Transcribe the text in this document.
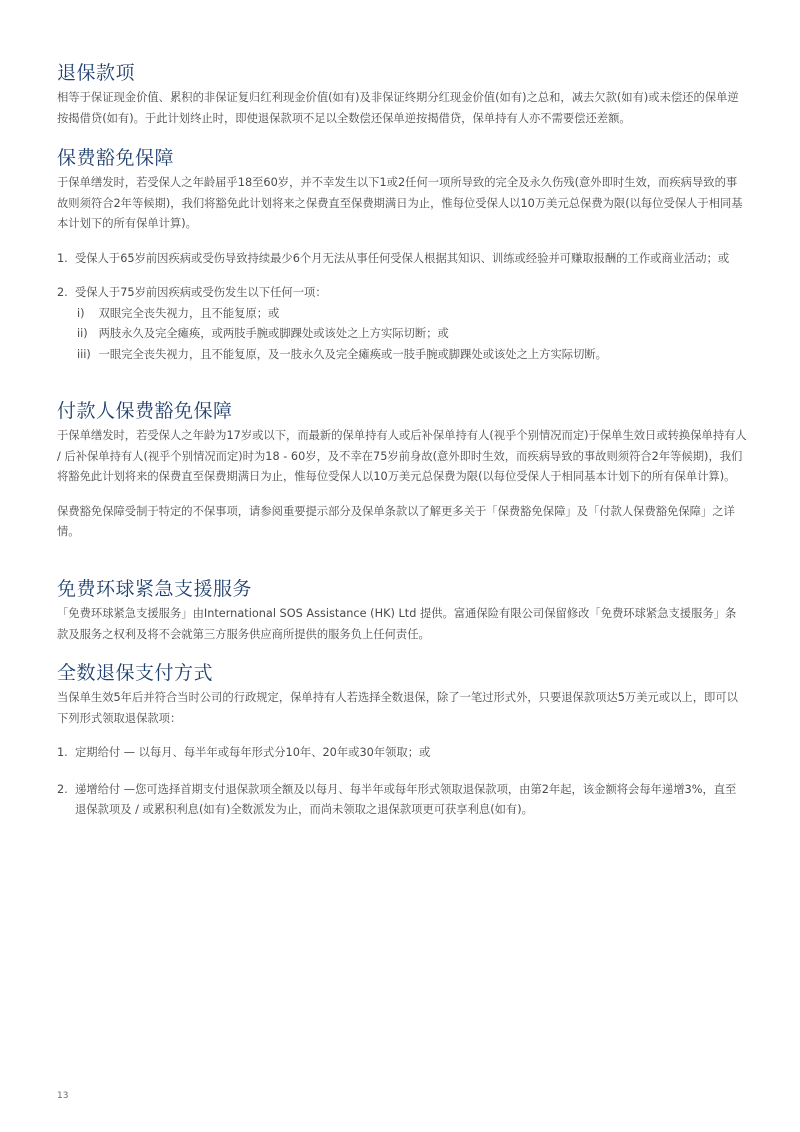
退保款项

相等于保证现金价值、累积的非保证复归红利现金价值(如有)及非保证终期分红现金价值(如有)之总和，减去欠款(如有)或未偿还的保单逆按揭借贷(如有)。于此计划终止时，即使退保款项不足以全数偿还保单逆按揭借贷，保单持有人亦不需要偿还差额。

保费豁免保障

于保单缮发时，若受保人之年龄届乎18至60岁，并不幸发生以下1或2任何一项所导致的完全及永久伤残(意外即时生效，而疾病导致的事故则须符合2年等候期)，我们将豁免此计划将来之保费直至保费期满日为止，惟每位受保人以10万美元总保费为限(以每位受保人于相同基本计划下的所有保单计算)。

1. 受保人于65岁前因疾病或受伤导致持续最少6个月无法从事任何受保人根据其知识、训练或经验并可赚取报酬的工作或商业活动；或
2. 受保人于75岁前因疾病或受伤发生以下任何一项：
i) 双眼完全丧失视力，且不能复原；或
ii) 两肢永久及完全瘫痪，或两肢手腕或脚踝处或该处之上方实际切断；或
iii) 一眼完全丧失视力，且不能复原，及一肢永久及完全瘫痪或一肢手腕或脚踝处或该处之上方实际切断。
付款人保费豁免保障

于保单缮发时，若受保人之年龄为17岁或以下，而最新的保单持有人或后补保单持有人(视乎个别情况而定)于保单生效日或转换保单持有人 / 后补保单持有人(视乎个别情况而定)时为18 - 60岁，及不幸在75岁前身故(意外即时生效，而疾病导致的事故则须符合2年等候期)，我们将豁免此计划将来的保费直至保费期满日为止，惟每位受保人以10万美元总保费为限(以每位受保人于相同基本计划下的所有保单计算)。

保费豁免保障受制于特定的不保事项，请参阅重要提示部分及保单条款以了解更多关于「保费豁免保障」及「付款人保费豁免保障」之详情。

免费环球紧急支援服务

「免费环球紧急支援服务」由International SOS Assistance (HK) Ltd 提供。富通保险有限公司保留修改「免费环球紧急支援服务」条款及服务之权利及将不会就第三方服务供应商所提供的服务负上任何责任。

全数退保支付方式

当保单生效5年后并符合当时公司的行政规定，保单持有人若选择全数退保，除了一笔过形式外，只要退保款项达5万美元或以上，即可以下列形式领取退保款项：

1. 定期给付 — 以每月、每半年或每年形式分10年、20年或30年领取；或
2. 递增给付 —您可选择首期支付退保款项全额及以每月、每半年或每年形式领取退保款项，由第2年起，该金额将会每年递增3%，直至退保款项及 / 或累积利息(如有)全数派发为止，而尚未领取之退保款项更可获享利息(如有)。
13
